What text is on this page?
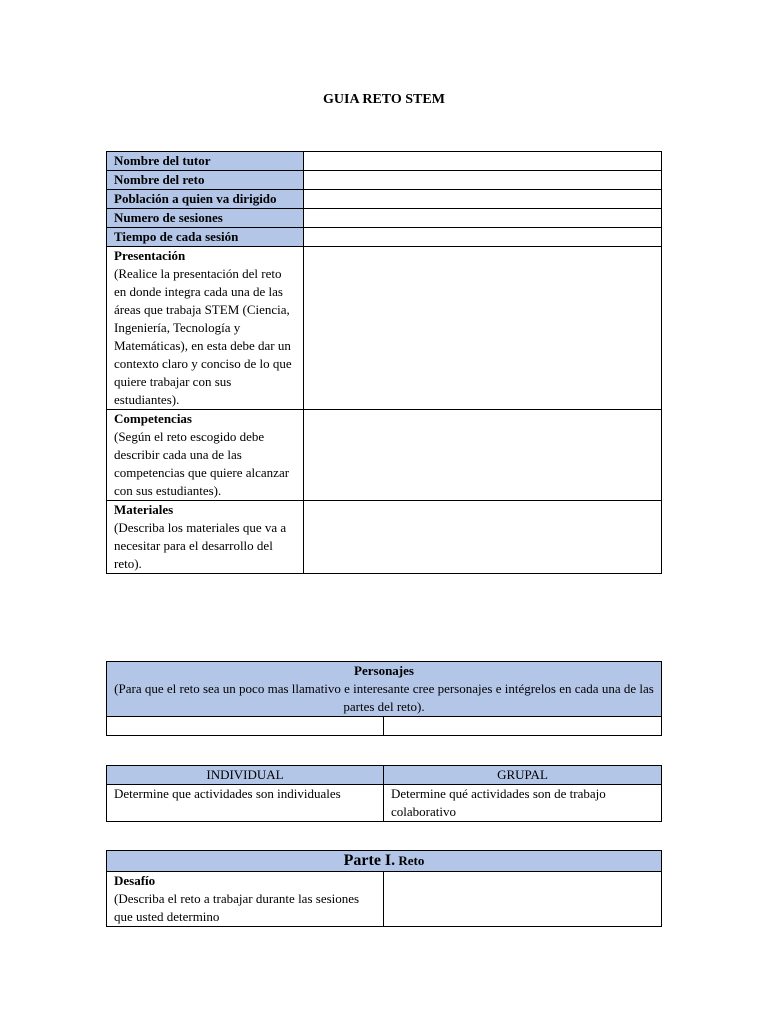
GUIA RETO STEM
Nombre del tutor	
Nombre del reto	
Población a quien va dirigido	
Numero de sesiones	
Tiempo de cada sesión	
Presentación
(Realice la presentación del reto en donde integra cada una de las áreas que trabaja STEM (Ciencia, Ingeniería, Tecnología y Matemáticas), en esta debe dar un contexto claro y conciso de lo que quiere trabajar con sus estudiantes).	
Competencias
(Según el reto escogido debe describir cada una de las competencias que quiere alcanzar con sus estudiantes).	
Materiales
(Describa los materiales que va a necesitar para el desarrollo del reto).	
Personajes
(Para que el reto sea un poco mas llamativo e interesante cree personajes e intégrelos en cada una de las partes del reto).

INDIVIDUAL	GRUPAL
Determine que actividades son individuales	Determine qué actividades son de trabajo colaborativo
Parte I. Reto
Desafío
(Describa el reto a trabajar durante las sesiones que usted determino	
